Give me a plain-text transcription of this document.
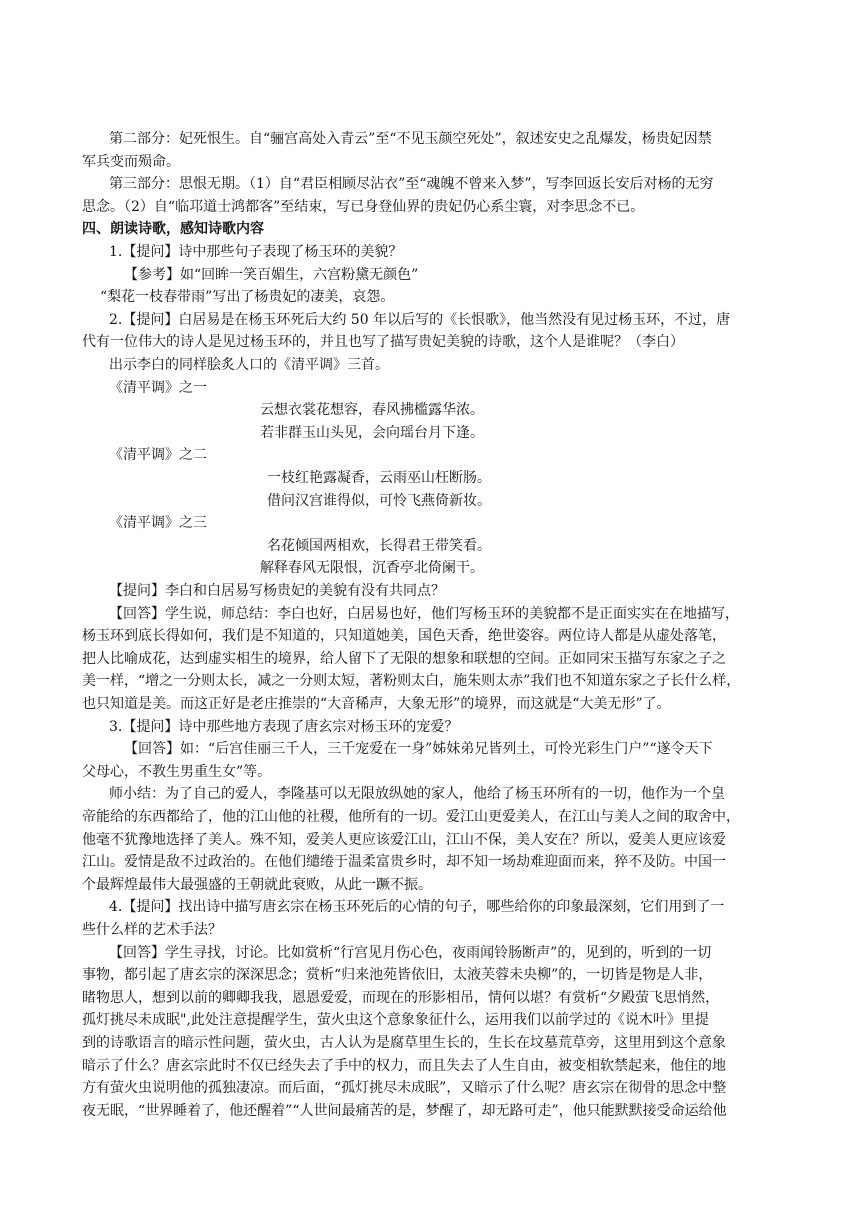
第二部分：妃死恨生。自“骊宫高处入青云”至“不见玉颜空死处”，叙述安史之乱爆发，杨贵妃因禁
军兵变而殒命。
第三部分：思恨无期。（1）自“君臣相顾尽沾衣”至“魂魄不曾来入梦”，写李回返长安后对杨的无穷
思念。（2）自“临邛道士鸿都客”至结束，写已身登仙界的贵妃仍心系尘寰，对李思念不已。
四、朗读诗歌，感知诗歌内容
1.【提问】诗中那些句子表现了杨玉环的美貌？
【参考】如“回眸一笑百媚生，六宫粉黛无颜色”
“梨花一枝春带雨”写出了杨贵妃的凄美，哀怨。
2.【提问】白居易是在杨玉环死后大约 50 年以后写的《长恨歌》，他当然没有见过杨玉环，不过，唐
代有一位伟大的诗人是见过杨玉环的，并且也写了描写贵妃美貌的诗歌，这个人是谁呢？（李白）
出示李白的同样脍炙人口的《清平调》三首。
《清平调》之一
云想衣裳花想容，春风拂槛露华浓。
若非群玉山头见，会向瑶台月下逢。
《清平调》之二
一枝红艳露凝香，云雨巫山枉断肠。
借问汉宫谁得似，可怜飞燕倚新妆。
《清平调》之三
名花倾国两相欢，长得君王带笑看。
解释春风无限恨，沉香亭北倚阑干。
【提问】李白和白居易写杨贵妃的美貌有没有共同点？
【回答】学生说，师总结：李白也好，白居易也好，他们写杨玉环的美貌都不是正面实实在在地描写，
杨玉环到底长得如何，我们是不知道的，只知道她美，国色天香，绝世姿容。两位诗人都是从虚处落笔，
把人比喻成花，达到虚实相生的境界，给人留下了无限的想象和联想的空间。正如同宋玉描写东家之子之
美一样，“增之一分则太长，减之一分则太短，著粉则太白，施朱则太赤”我们也不知道东家之子长什么样，
也只知道是美。而这正好是老庄推崇的“大音稀声，大象无形”的境界，而这就是“大美无形”了。
3.【提问】诗中那些地方表现了唐玄宗对杨玉环的宠爱？
【回答】如：“后宫佳丽三千人，三千宠爱在一身”姊妹弟兄皆列土，可怜光彩生门户”“遂令天下
父母心，不教生男重生女”等。
师小结：为了自己的爱人，李隆基可以无限放纵她的家人，他给了杨玉环所有的一切，他作为一个皇
帝能给的东西都给了，他的江山他的社稷，他所有的一切。爱江山更爱美人，在江山与美人之间的取舍中，
他毫不犹豫地选择了美人。殊不知，爱美人更应该爱江山，江山不保，美人安在？所以，爱美人更应该爱
江山。爱情是敌不过政治的。在他们缱绻于温柔富贵乡时，却不知一场劫难迎面而来，猝不及防。中国一
个最辉煌最伟大最强盛的王朝就此衰败，从此一蹶不振。
4.【提问】找出诗中描写唐玄宗在杨玉环死后的心情的句子，哪些给你的印象最深刻，它们用到了一
些什么样的艺术手法？
【回答】学生寻找，讨论。比如赏析“行宫见月伤心色，夜雨闻铃肠断声”的，见到的，听到的一切
事物，都引起了唐玄宗的深深思念；赏析“归来池苑皆依旧，太液芙蓉未央柳”的，一切皆是物是人非，
睹物思人，想到以前的卿卿我我，恩恩爱爱，而现在的形影相吊，情何以堪？有赏析“夕殿萤飞思悄然，
孤灯挑尽未成眠",此处注意提醒学生，萤火虫这个意象象征什么，运用我们以前学过的《说木叶》里提
到的诗歌语言的暗示性问题，萤火虫，古人认为是腐草里生长的，生长在坟墓荒草旁，这里用到这个意象
暗示了什么？唐玄宗此时不仅已经失去了手中的权力，而且失去了人生自由，被变相软禁起来，他住的地
方有萤火虫说明他的孤独凄凉。而后面，“孤灯挑尽未成眠”，又暗示了什么呢？唐玄宗在彻骨的思念中整
夜无眠，“世界睡着了，他还醒着”“人世间最痛苦的是，梦醒了，却无路可走”，他只能默默接受命运给他
